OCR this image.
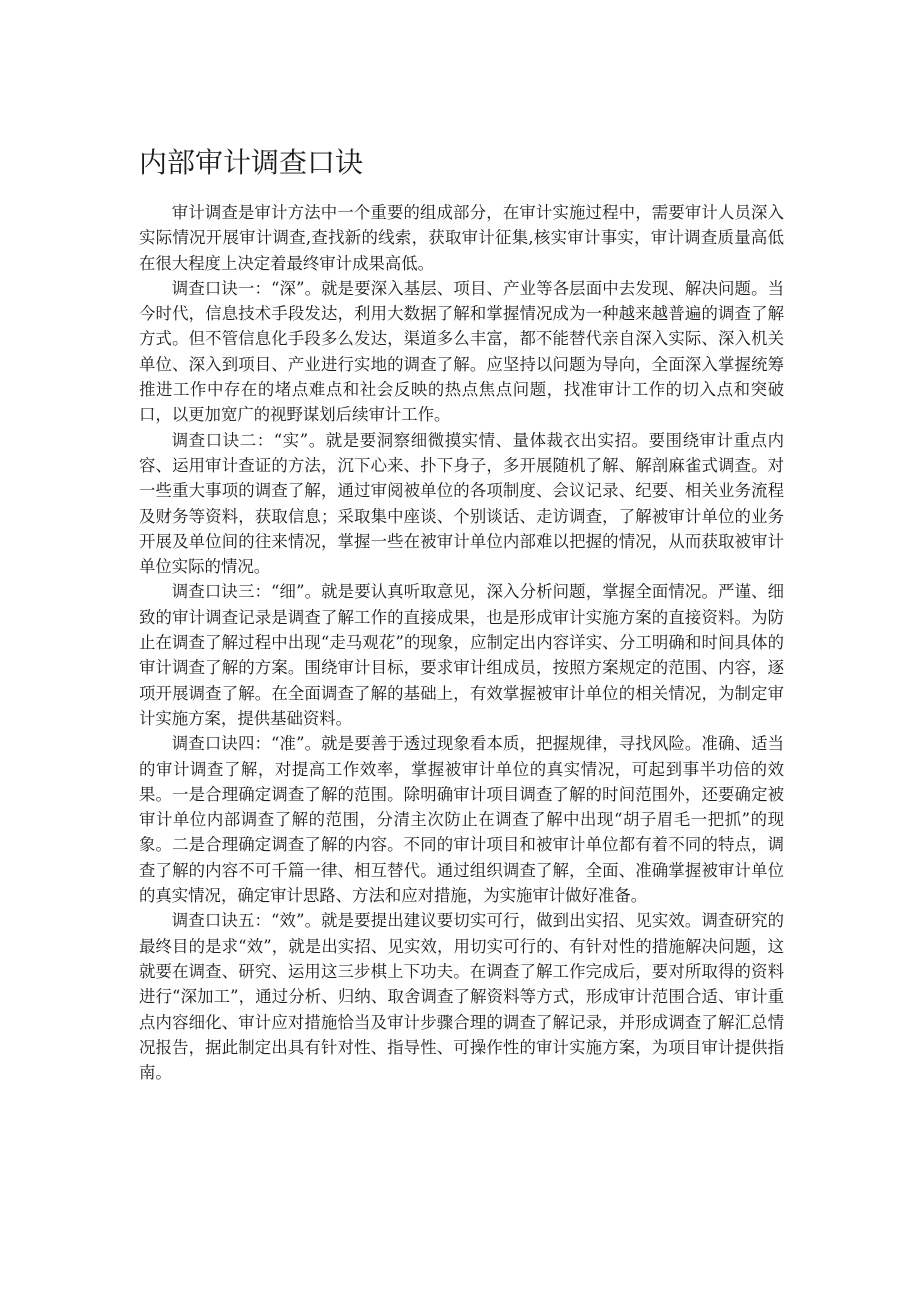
内部审计调查口诀

审计调查是审计方法中一个重要的组成部分，在审计实施过程中，需要审计人员深入实际情况开展审计调查,查找新的线索，获取审计征集,核实审计事实，审计调查质量高低在很大程度上决定着最终审计成果高低。

调查口诀一：“深”。就是要深入基层、项目、产业等各层面中去发现、解决问题。当今时代，信息技术手段发达，利用大数据了解和掌握情况成为一种越来越普遍的调查了解方式。但不管信息化手段多么发达，渠道多么丰富，都不能替代亲自深入实际、深入机关单位、深入到项目、产业进行实地的调查了解。应坚持以问题为导向，全面深入掌握统筹推进工作中存在的堵点难点和社会反映的热点焦点问题，找准审计工作的切入点和突破口，以更加宽广的视野谋划后续审计工作。

调查口诀二：“实”。就是要洞察细微摸实情、量体裁衣出实招。要围绕审计重点内容、运用审计查证的方法，沉下心来、扑下身子，多开展随机了解、解剖麻雀式调查。对一些重大事项的调查了解，通过审阅被单位的各项制度、会议记录、纪要、相关业务流程及财务等资料，获取信息；采取集中座谈、个别谈话、走访调查，了解被审计单位的业务开展及单位间的往来情况，掌握一些在被审计单位内部难以把握的情况，从而获取被审计单位实际的情况。

调查口诀三：“细”。就是要认真听取意见，深入分析问题，掌握全面情况。严谨、细致的审计调查记录是调查了解工作的直接成果，也是形成审计实施方案的直接资料。为防止在调查了解过程中出现“走马观花”的现象，应制定出内容详实、分工明确和时间具体的审计调查了解的方案。围绕审计目标，要求审计组成员，按照方案规定的范围、内容，逐项开展调查了解。在全面调查了解的基础上，有效掌握被审计单位的相关情况，为制定审计实施方案，提供基础资料。

调查口诀四：“准”。就是要善于透过现象看本质，把握规律，寻找风险。准确、适当的审计调查了解，对提高工作效率，掌握被审计单位的真实情况，可起到事半功倍的效果。一是合理确定调查了解的范围。除明确审计项目调查了解的时间范围外，还要确定被审计单位内部调查了解的范围，分清主次防止在调查了解中出现“胡子眉毛一把抓”的现象。二是合理确定调查了解的内容。不同的审计项目和被审计单位都有着不同的特点，调查了解的内容不可千篇一律、相互替代。通过组织调查了解，全面、准确掌握被审计单位的真实情况，确定审计思路、方法和应对措施，为实施审计做好准备。

调查口诀五：“效”。就是要提出建议要切实可行，做到出实招、见实效。调查研究的最终目的是求“效”，就是出实招、见实效，用切实可行的、有针对性的措施解决问题，这就要在调查、研究、运用这三步棋上下功夫。在调查了解工作完成后，要对所取得的资料进行“深加工”，通过分析、归纳、取舍调查了解资料等方式，形成审计范围合适、审计重点内容细化、审计应对措施恰当及审计步骤合理的调查了解记录，并形成调查了解汇总情况报告，据此制定出具有针对性、指导性、可操作性的审计实施方案，为项目审计提供指南。
